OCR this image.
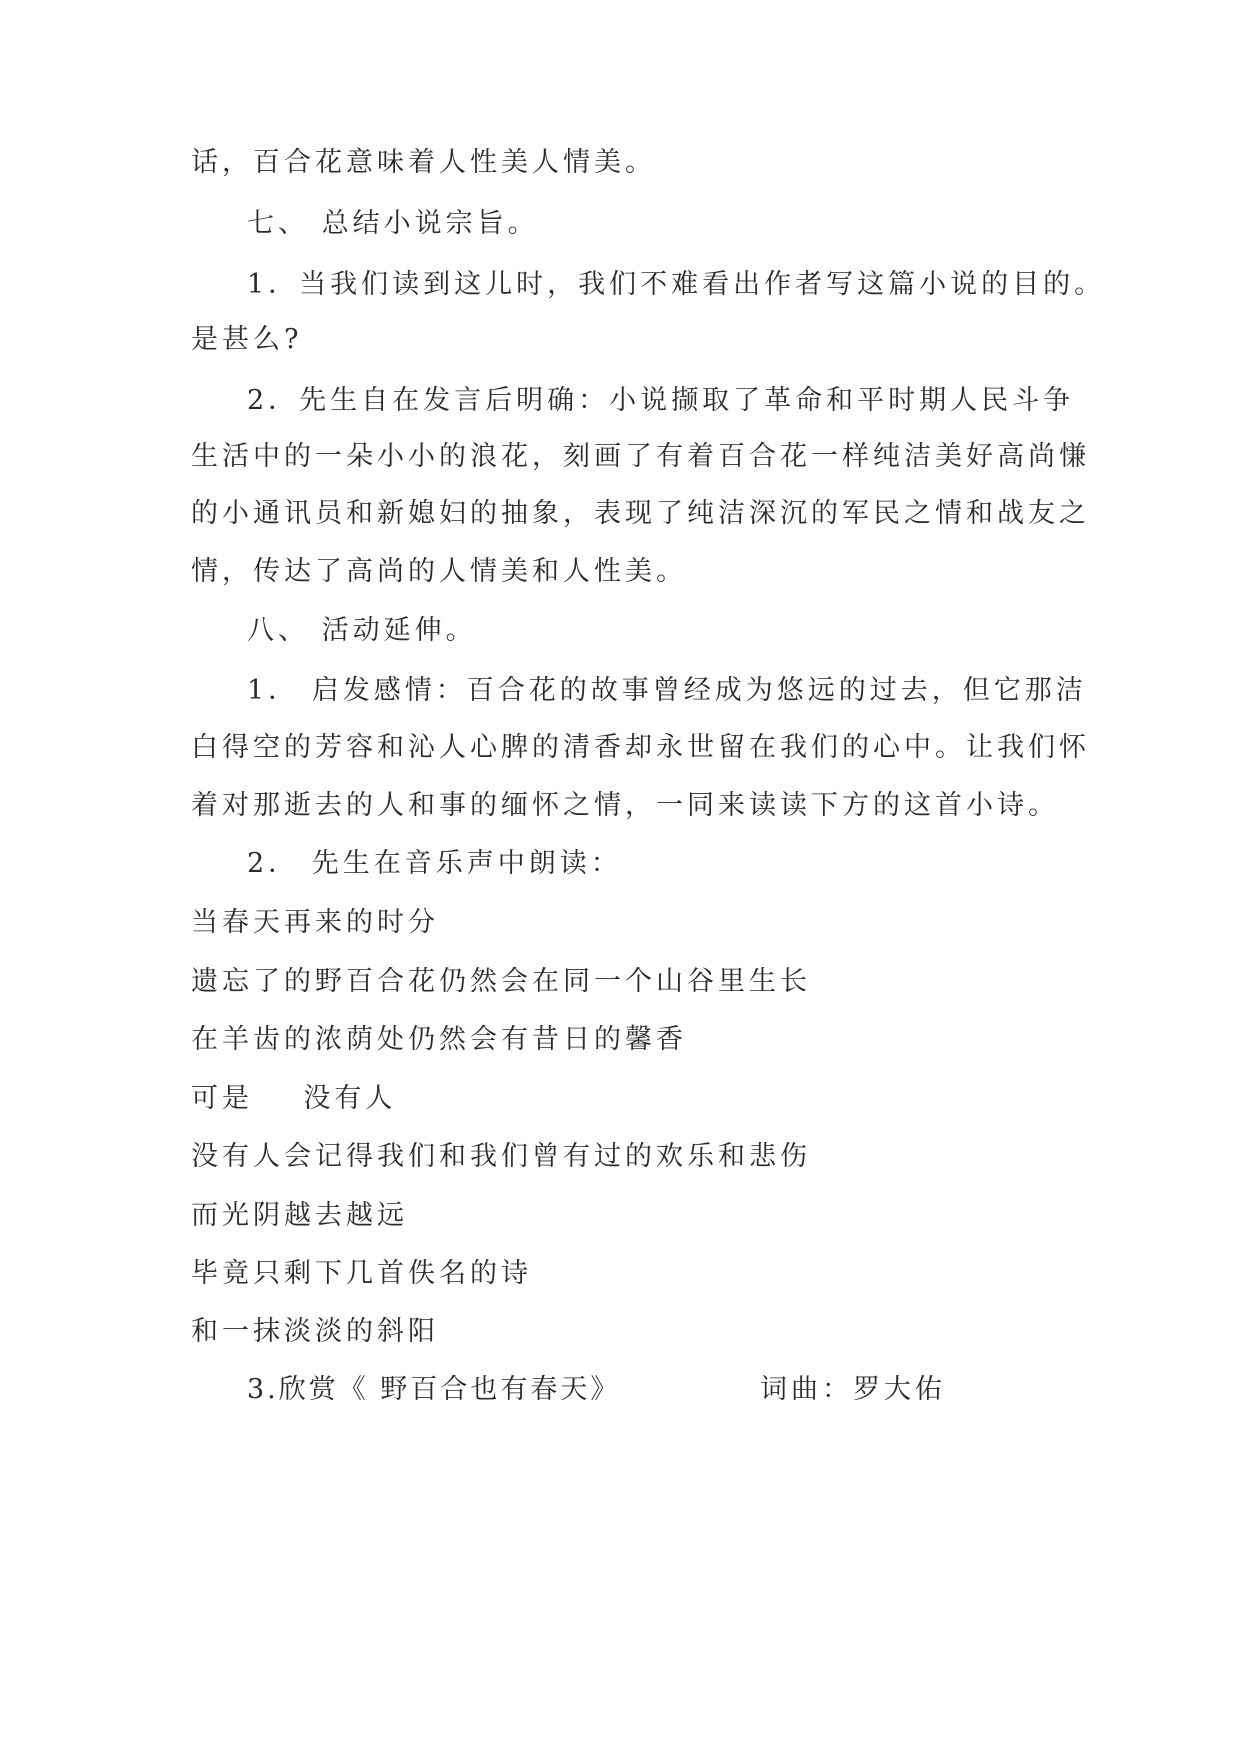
话，百合花意味着人性美人情美。
七、 总结小说宗旨。
1．当我们读到这儿时，我们不难看出作者写这篇小说的目的。
是甚么?
2．先生自在发言后明确：小说撷取了革命和平时期人民斗争
生活中的一朵小小的浪花，刻画了有着百合花一样纯洁美好高尚慊
的小通讯员和新媳妇的抽象，表现了纯洁深沉的军民之情和战友之
情，传达了高尚的人情美和人性美。
八、 活动延伸。
1． 启发感情：百合花的故事曾经成为悠远的过去，但它那洁
白得空的芳容和沁人心脾的清香却永世留在我们的心中。让我们怀
着对那逝去的人和事的缅怀之情，一同来读读下方的这首小诗。
2． 先生在音乐声中朗读：
当春天再来的时分
遗忘了的野百合花仍然会在同一个山谷里生长
在羊齿的浓荫处仍然会有昔日的馨香
可是    没有人
没有人会记得我们和我们曾有过的欢乐和悲伤
而光阴越去越远
毕竟只剩下几首佚名的诗
和一抹淡淡的斜阳
3.欣赏《 野百合也有春天》	词曲：罗大佑
